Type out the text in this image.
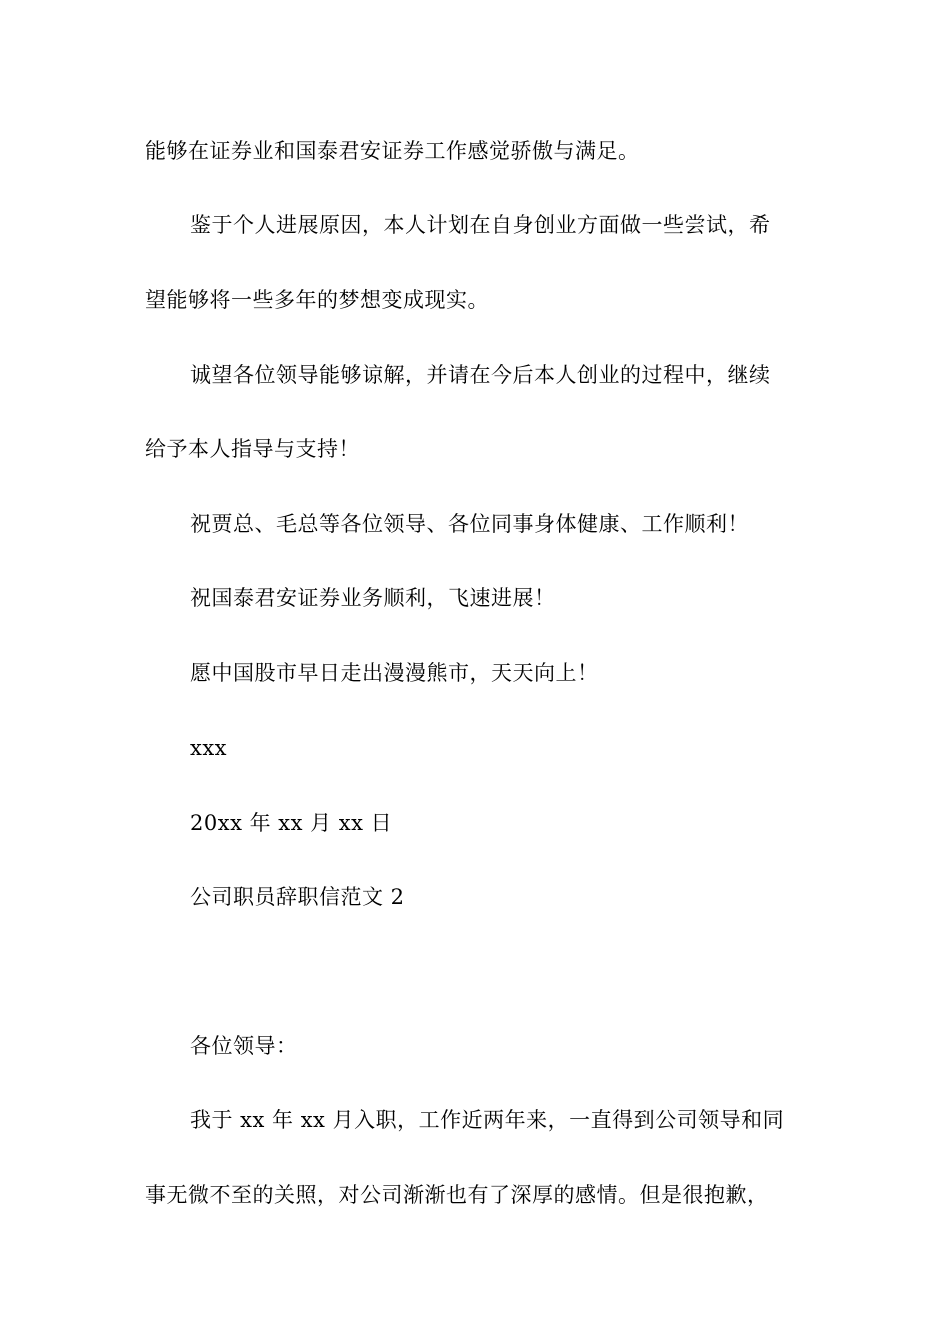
能够在证券业和国泰君安证券工作感觉骄傲与满足。
鉴于个人进展原因，本人计划在自身创业方面做一些尝试，希
望能够将一些多年的梦想变成现实。
诚望各位领导能够谅解，并请在今后本人创业的过程中，继续
给予本人指导与支持！
祝贾总、毛总等各位领导、各位同事身体健康、工作顺利！
祝国泰君安证券业务顺利，飞速进展！
愿中国股市早日走出漫漫熊市，天天向上！
xxx
20xx 年 xx 月 xx 日
公司职员辞职信范文 2
各位领导：
我于 xx 年 xx 月入职，工作近两年来，一直得到公司领导和同
事无微不至的关照，对公司渐渐也有了深厚的感情。但是很抱歉，
